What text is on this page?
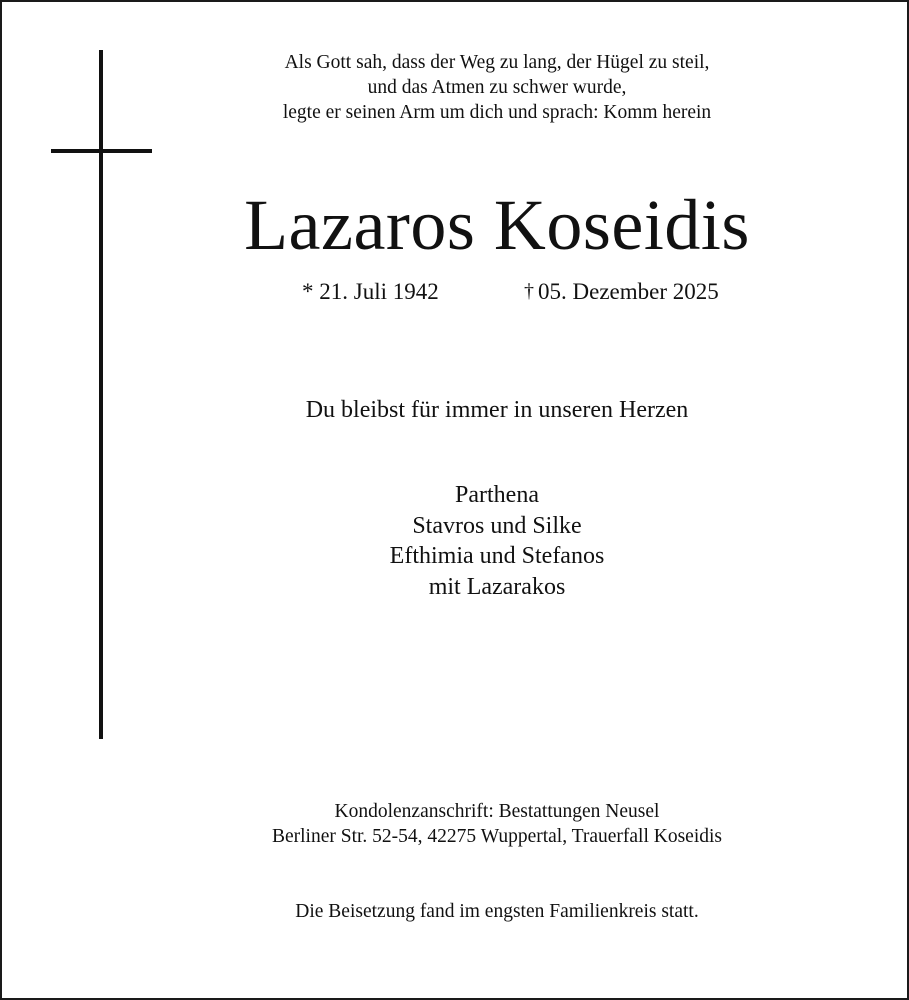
Als Gott sah, dass der Weg zu lang, der Hügel zu steil,
und das Atmen zu schwer wurde,
legte er seinen Arm um dich und sprach: Komm herein
Lazaros Koseidis
* 21. Juli 1942	† 05. Dezember 2025
Du bleibst für immer in unseren Herzen
Parthena
Stavros und Silke
Efthimia und Stefanos
mit Lazarakos
Kondolenzanschrift: Bestattungen Neusel
Berliner Str. 52-54, 42275 Wuppertal, Trauerfall Koseidis
Die Beisetzung fand im engsten Familienkreis statt.
